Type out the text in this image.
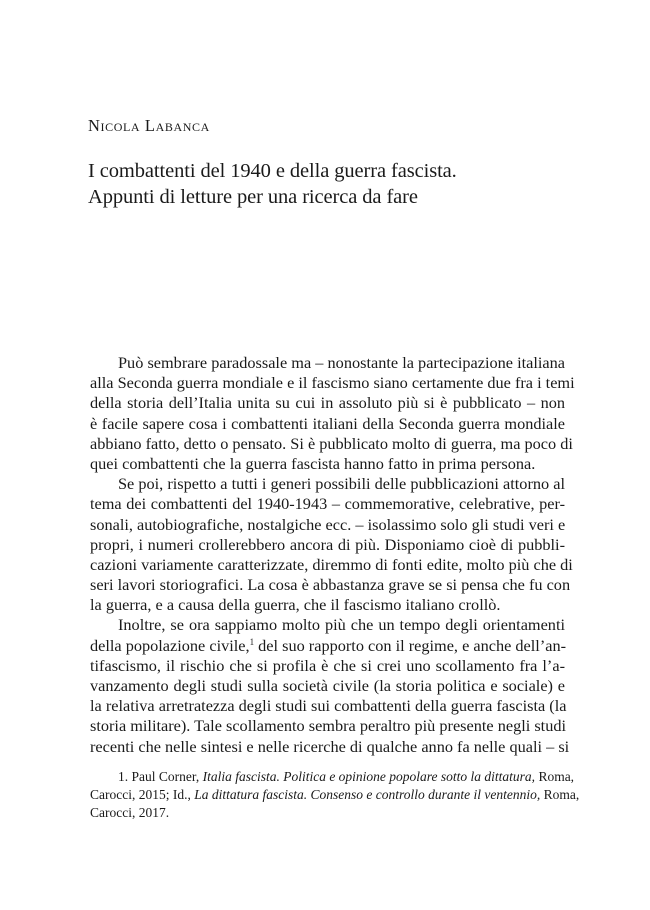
Nicola Labanca
I combattenti del 1940 e della guerra fascista.
Appunti di letture per una ricerca da fare
Può sembrare paradossale ma – nonostante la partecipazione italiana
alla Seconda guerra mondiale e il fascismo siano certamente due fra i temi
della storia dell’Italia unita su cui in assoluto più si è pubblicato – non
è facile sapere cosa i combattenti italiani della Seconda guerra mondiale
abbiano fatto, detto o pensato. Si è pubblicato molto di guerra, ma poco di
quei combattenti che la guerra fascista hanno fatto in prima persona.
Se poi, rispetto a tutti i generi possibili delle pubblicazioni attorno al
tema dei combattenti del 1940-1943 – commemorative, celebrative, per-
sonali, autobiografiche, nostalgiche ecc. – isolassimo solo gli studi veri e
propri, i numeri crollerebbero ancora di più. Disponiamo cioè di pubbli-
cazioni variamente caratterizzate, diremmo di fonti edite, molto più che di
seri lavori storiografici. La cosa è abbastanza grave se si pensa che fu con
la guerra, e a causa della guerra, che il fascismo italiano crollò.
Inoltre, se ora sappiamo molto più che un tempo degli orientamenti
della popolazione civile,$^1$ del suo rapporto con il regime, e anche dell’an-
tifascismo, il rischio che si profila è che si crei uno scollamento fra l’a-
vanzamento degli studi sulla società civile (la storia politica e sociale) e
la relativa arretratezza degli studi sui combattenti della guerra fascista (la
storia militare). Tale scollamento sembra peraltro più presente negli studi
recenti che nelle sintesi e nelle ricerche di qualche anno fa nelle quali – si
1. Paul Corner, Italia fascista. Politica e opinione popolare sotto la dittatura, Roma,
Carocci, 2015; Id., La dittatura fascista. Consenso e controllo durante il ventennio, Roma,
Carocci, 2017.
